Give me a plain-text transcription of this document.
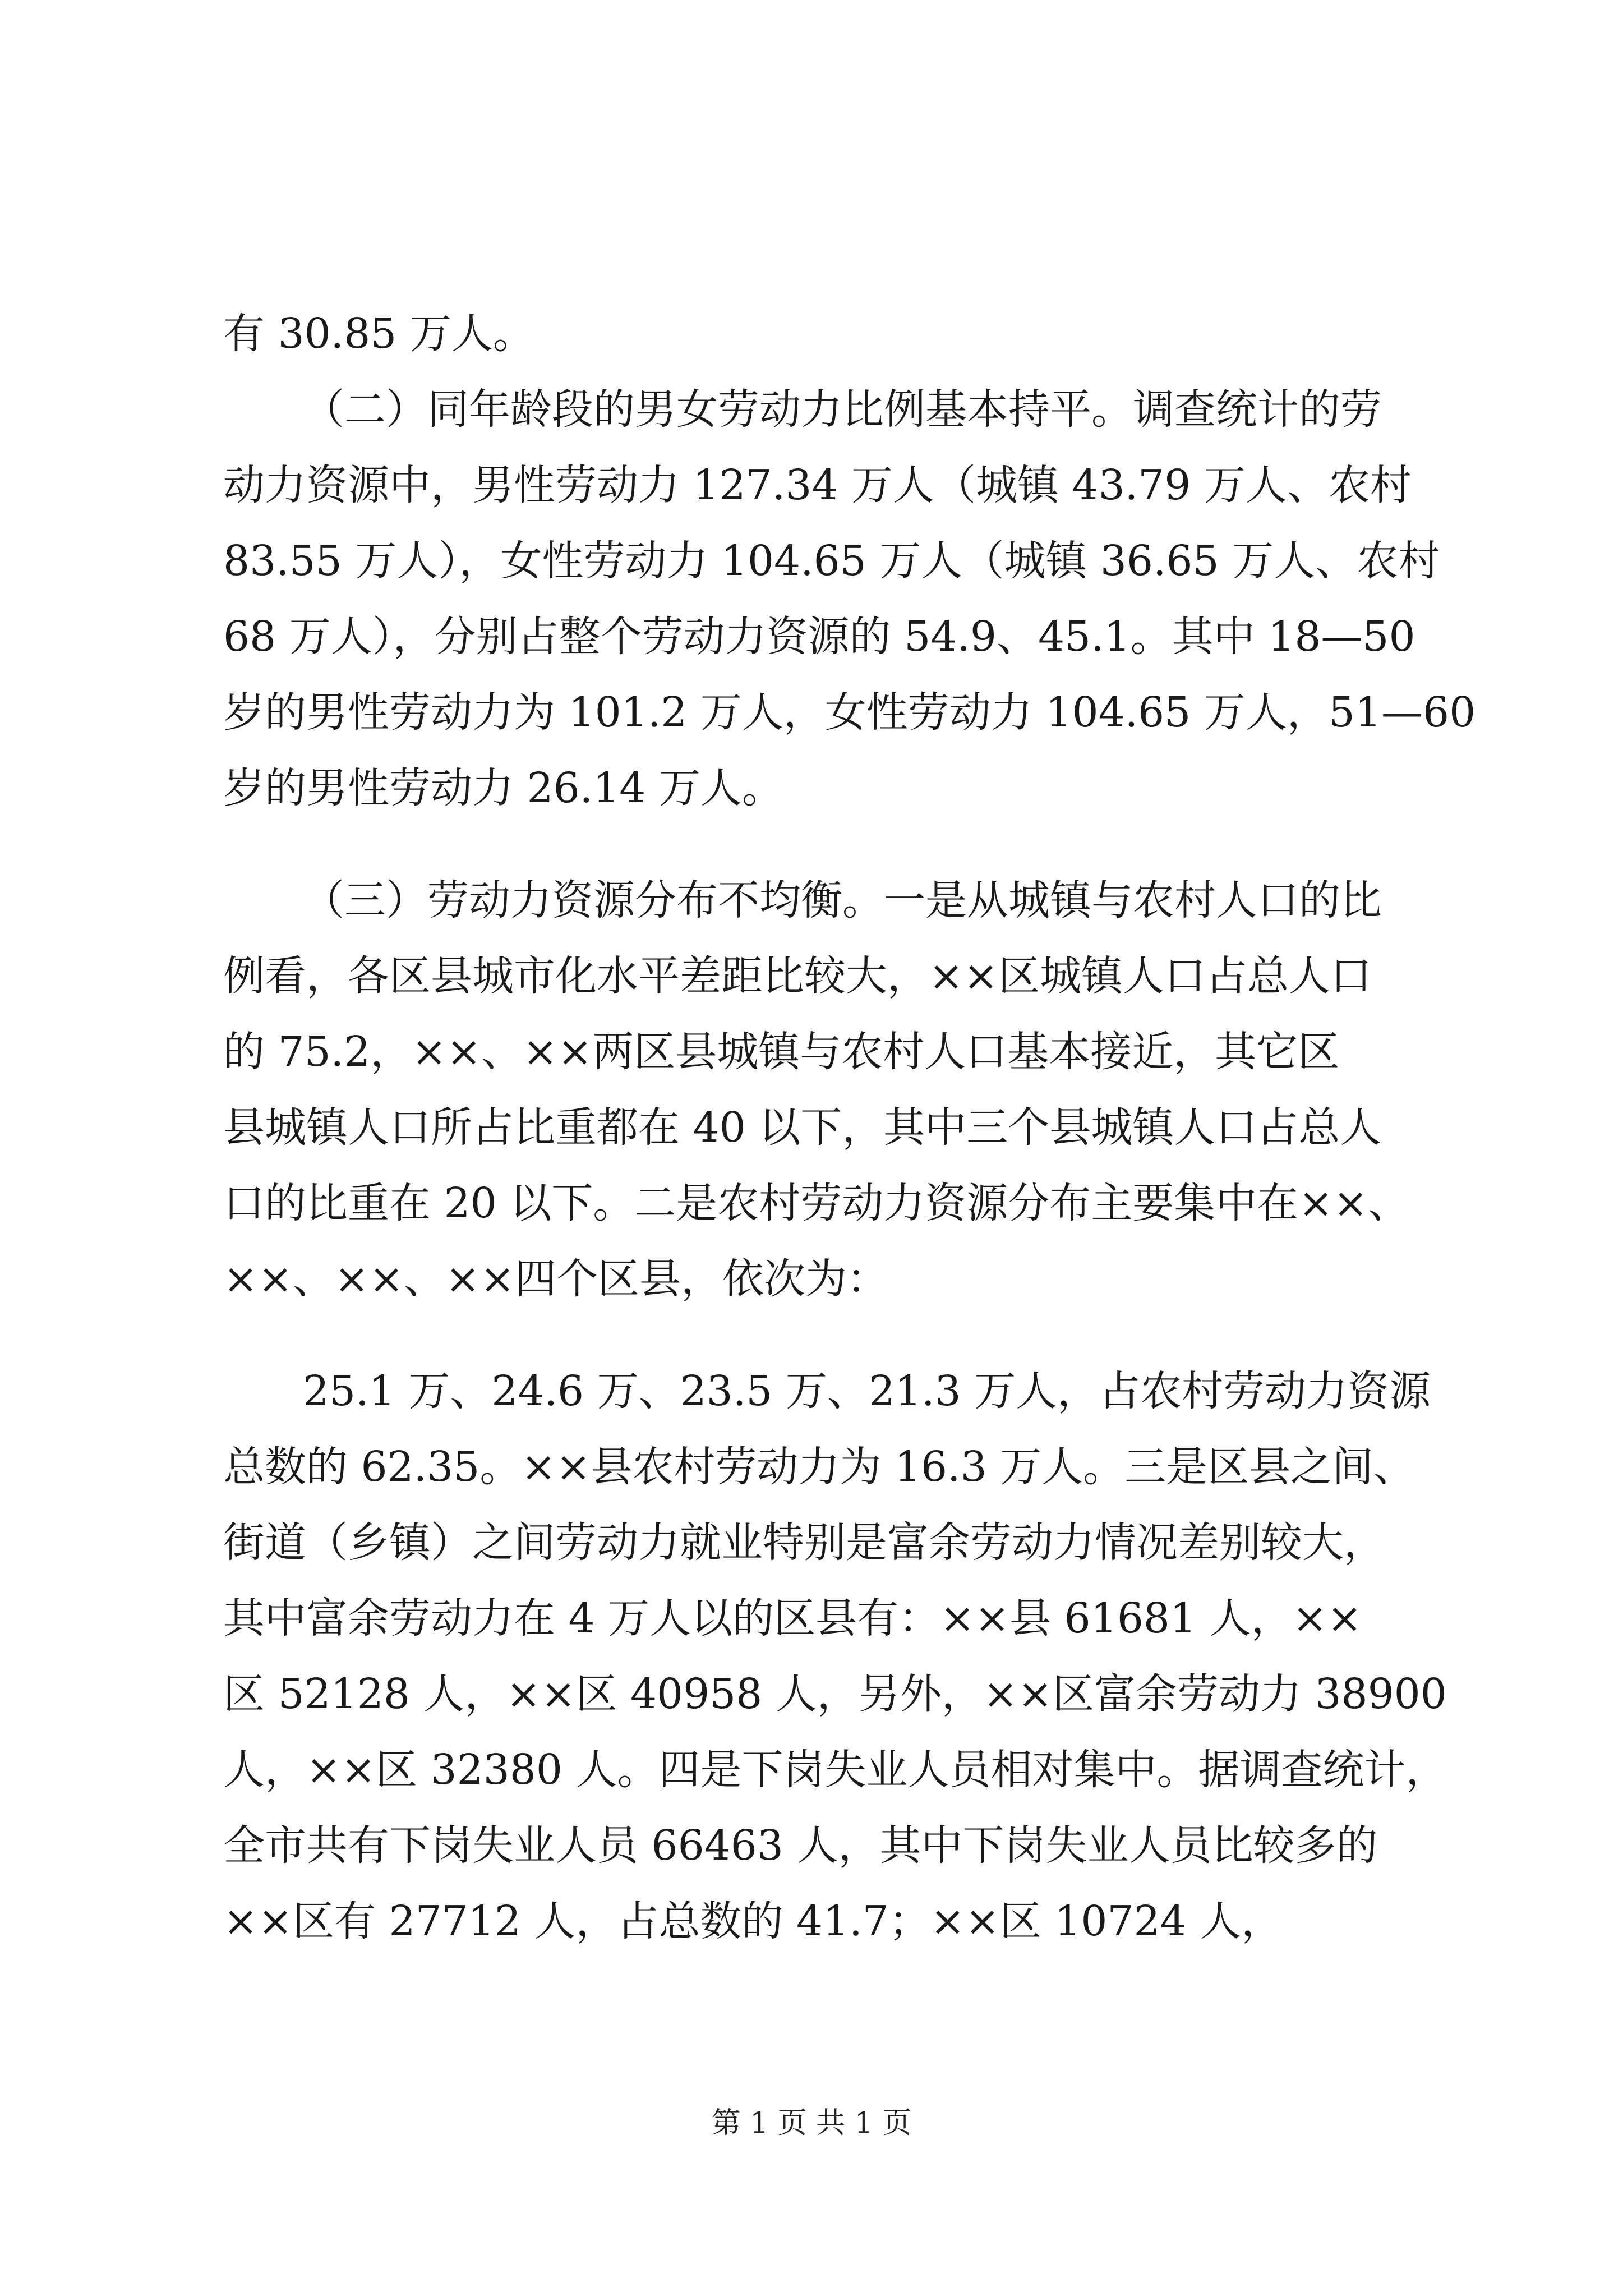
有 30.85 万人。
（二）同年龄段的男女劳动力比例基本持平。调查统计的劳
动力资源中，男性劳动力 127.34 万人（城镇 43.79 万人、农村
83.55 万人），女性劳动力 104.65 万人（城镇 36.65 万人、农村
68 万人），分别占整个劳动力资源的 54.9、45.1。其中 18—50
岁的男性劳动力为 101.2 万人，女性劳动力 104.65 万人，51—60
岁的男性劳动力 26.14 万人。
（三）劳动力资源分布不均衡。一是从城镇与农村人口的比
例看，各区县城市化水平差距比较大，××区城镇人口占总人口
的 75.2，××、××两区县城镇与农村人口基本接近，其它区
县城镇人口所占比重都在 40 以下，其中三个县城镇人口占总人
口的比重在 20 以下。二是农村劳动力资源分布主要集中在××、
××、××、××四个区县，依次为：
25.1 万、24.6 万、23.5 万、21.3 万人，占农村劳动力资源
总数的 62.35。××县农村劳动力为 16.3 万人。三是区县之间、
街道（乡镇）之间劳动力就业特别是富余劳动力情况差别较大，
其中富余劳动力在 4 万人以的区县有：××县 61681 人，××
区 52128 人，××区 40958 人，另外，××区富余劳动力 38900
人，××区 32380 人。四是下岗失业人员相对集中。据调查统计，
全市共有下岗失业人员 66463 人，其中下岗失业人员比较多的
××区有 27712 人，占总数的 41.7；××区 10724 人，
第 1 页 共 1 页
